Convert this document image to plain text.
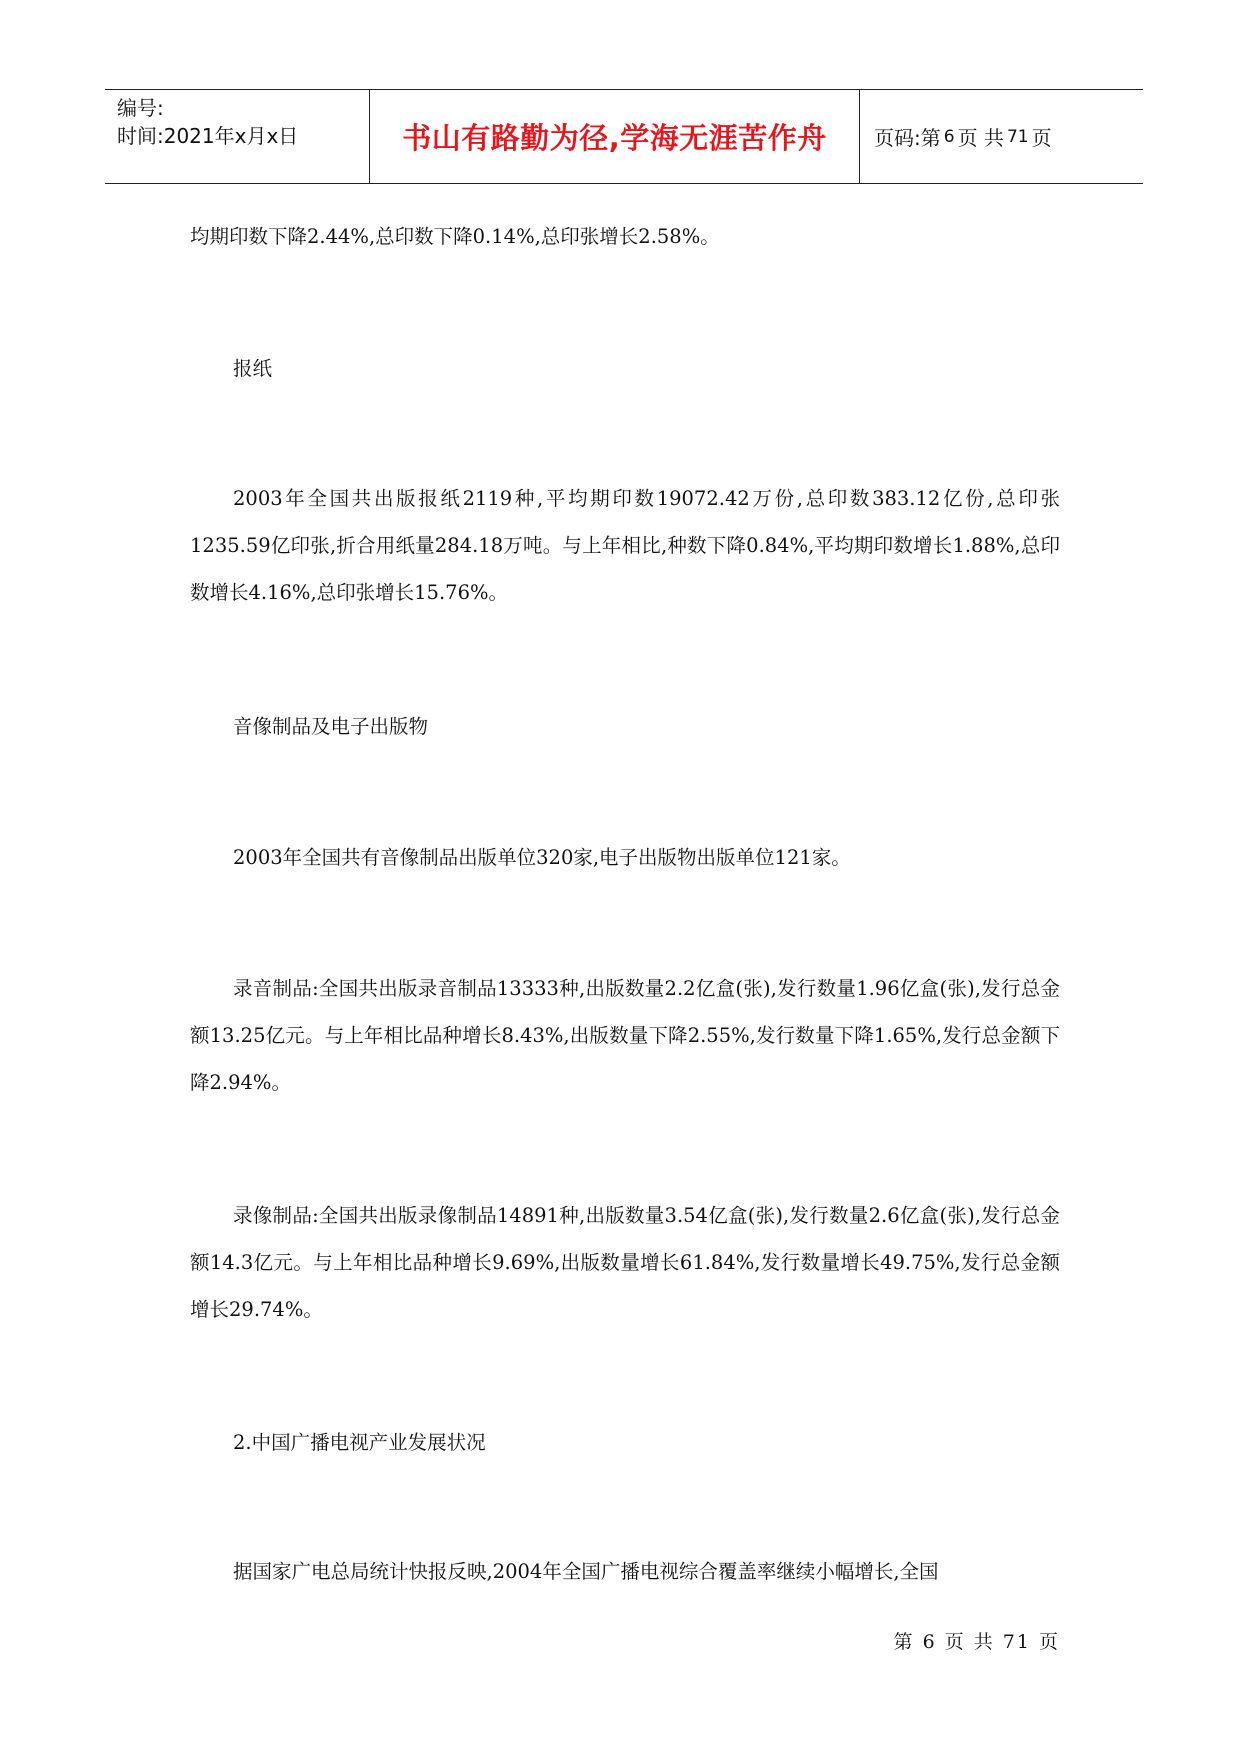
编号:
时间:2021年x月x日	书山有路勤为径,学海无涯苦作舟 页码:第 6 页 共 71 页

均期印数下降2.44%,总印数下降0.14%,总印张增长2.58%。

报纸

2003年全国共出版报纸2119种,平均期印数19072.42万份,总印数383.12亿份,总印张1235.59亿印张,折合用纸量284.18万吨。与上年相比,种数下降0.84%,平均期印数增长1.88%,总印数增长4.16%,总印张增长15.76%。

音像制品及电子出版物

2003年全国共有音像制品出版单位320家,电子出版物出版单位121家。

录音制品:全国共出版录音制品13333种,出版数量2.2亿盒(张),发行数量1.96亿盒(张),发行总金额13.25亿元。与上年相比品种增长8.43%,出版数量下降2.55%,发行数量下降1.65%,发行总金额下降2.94%。

录像制品:全国共出版录像制品14891种,出版数量3.54亿盒(张),发行数量2.6亿盒(张),发行总金额14.3亿元。与上年相比品种增长9.69%,出版数量增长61.84%,发行数量增长49.75%,发行总金额增长29.74%。

2.中国广播电视产业发展状况

据国家广电总局统计快报反映,2004年全国广播电视综合覆盖率继续小幅增长,全国

第 6 页 共 71 页
